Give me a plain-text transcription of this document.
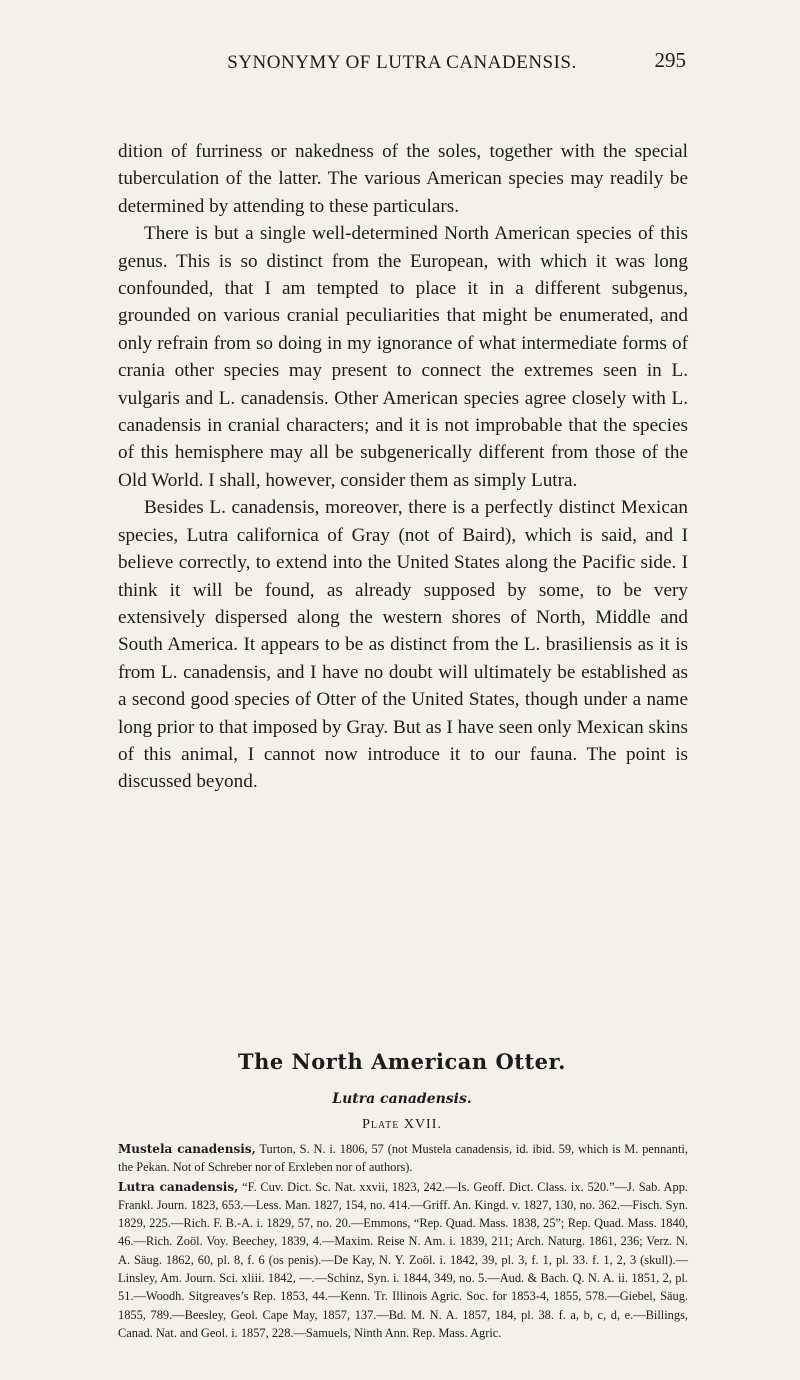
SYNONYMY OF LUTRA CANADENSIS.	295

dition of furriness or nakedness of the soles, together with the special tuberculation of the latter. The various American species may readily be determined by attending to these particulars.

There is but a single well-determined North American species of this genus. This is so distinct from the European, with which it was long confounded, that I am tempted to place it in a different subgenus, grounded on various cranial peculiarities that might be enumerated, and only refrain from so doing in my ignorance of what intermediate forms of crania other species may present to connect the extremes seen in L. vulgaris and L. canadensis. Other American species agree closely with L. canadensis in cranial characters; and it is not improbable that the species of this hemisphere may all be subgenerically different from those of the Old World. I shall, however, consider them as simply Lutra.

Besides L. canadensis, moreover, there is a perfectly distinct Mexican species, Lutra californica of Gray (not of Baird), which is said, and I believe correctly, to extend into the United States along the Pacific side. I think it will be found, as already supposed by some, to be very extensively dispersed along the western shores of North, Middle and South America. It appears to be as distinct from the L. brasiliensis as it is from L. canadensis, and I have no doubt will ultimately be established as a second good species of Otter of the United States, though under a name long prior to that imposed by Gray. But as I have seen only Mexican skins of this animal, I cannot now introduce it to our fauna. The point is discussed beyond.

The North American Otter.
Lutra canadensis.
Plate XVII.

Mustela canadensis, Turton, S. N. i. 1806, 57 (not Mustela canadensis, id. ibid. 59, which is M. pennanti, the Pekan. Not of Schreber nor of Erxleben nor of authors).

Lutra canadensis, “F. Cuv. Dict. Sc. Nat. xxvii, 1823, 242.—Is. Geoff. Dict. Class. ix. 520.”—J. Sab. App. Frankl. Journ. 1823, 653.—Less. Man. 1827, 154, no. 414.—Griff. An. Kingd. v. 1827, 130, no. 362.—Fisch. Syn. 1829, 225.—Rich. F. B.-A. i. 1829, 57, no. 20.—Emmons, “Rep. Quad. Mass. 1838, 25”; Rep. Quad. Mass. 1840, 46.—Rich. Zoöl. Voy. Beechey, 1839, 4.—Maxim. Reise N. Am. i. 1839, 211; Arch. Naturg. 1861, 236; Verz. N. A. Säug. 1862, 60, pl. 8, f. 6 (os penis).—De Kay, N. Y. Zoöl. i. 1842, 39, pl. 3, f. 1, pl. 33. f. 1, 2, 3 (skull).—Linsley, Am. Journ. Sci. xliii. 1842, —.—Schinz, Syn. i. 1844, 349, no. 5.—Aud. & Bach. Q. N. A. ii. 1851, 2, pl. 51.—Woodh. Sitgreaves’s Rep. 1853, 44.—Kenn. Tr. Illinois Agric. Soc. for 1853-4, 1855, 578.—Giebel, Säug. 1855, 789.—Beesley, Geol. Cape May, 1857, 137.—Bd. M. N. A. 1857, 184, pl. 38. f. a, b, c, d, e.—Billings, Canad. Nat. and Geol. i. 1857, 228.—Samuels, Ninth Ann. Rep. Mass. Agric.
